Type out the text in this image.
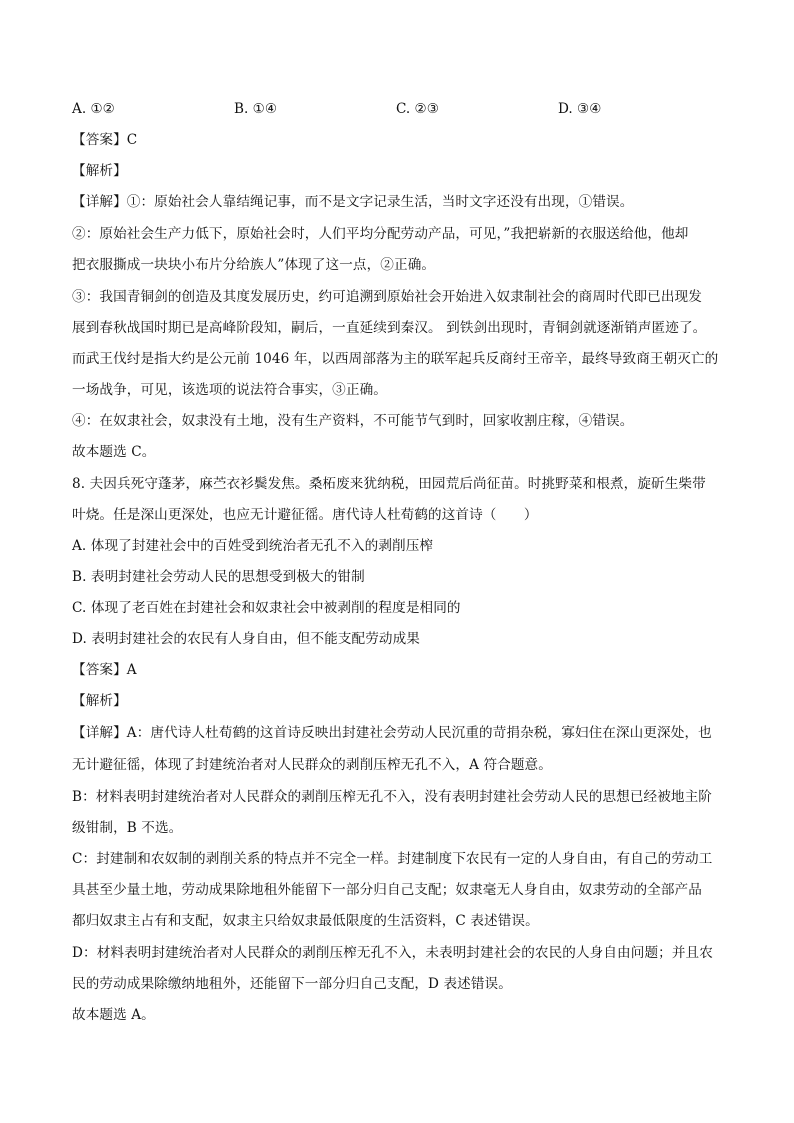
A. ①②	B. ①④	C. ②③	D. ③④
【答案】C
【解析】
【详解】①：原始社会人靠结绳记事，而不是文字记录生活，当时文字还没有出现，①错误。
②：原始社会生产力低下，原始社会时，人们平均分配劳动产品，可见，”我把崭新的衣服送给他，他却
把衣服撕成一块块小布片分给族人”体现了这一点，②正确。
③：我国青铜剑的创造及其度发展历史，约可追溯到原始社会开始进入奴隶制社会的商周时代即已出现发
展到春秋战国时期已是高峰阶段知，嗣后，一直延续到秦汉。 到铁剑出现时，青铜剑就逐渐销声匿迹了。
而武王伐纣是指大约是公元前 1046 年，以西周部落为主的联军起兵反商纣王帝辛，最终导致商王朝灭亡的
一场战争，可见，该选项的说法符合事实，③正确。
④：在奴隶社会，奴隶没有土地，没有生产资料，不可能节气到时，回家收割庄稼，④错误。
故本题选 C。
8. 夫因兵死守蓬茅，麻苎衣衫鬓发焦。桑柘废来犹纳税，田园荒后尚征苗。时挑野菜和根煮，旋斫生柴带
叶烧。任是深山更深处，也应无计避征徭。唐代诗人杜荀鹤的这首诗（　　）
A. 体现了封建社会中的百姓受到统治者无孔不入的剥削压榨
B. 表明封建社会劳动人民的思想受到极大的钳制
C. 体现了老百姓在封建社会和奴隶社会中被剥削的程度是相同的
D. 表明封建社会的农民有人身自由，但不能支配劳动成果
【答案】A
【解析】
【详解】A：唐代诗人杜荀鹤的这首诗反映出封建社会劳动人民沉重的苛捐杂税，寡妇住在深山更深处，也
无计避征徭，体现了封建统治者对人民群众的剥削压榨无孔不入，A 符合题意。
B：材料表明封建统治者对人民群众的剥削压榨无孔不入，没有表明封建社会劳动人民的思想已经被地主阶
级钳制，B 不选。
C：封建制和农奴制的剥削关系的特点并不完全一样。封建制度下农民有一定的人身自由，有自己的劳动工
具甚至少量土地，劳动成果除地租外能留下一部分归自己支配；奴隶毫无人身自由，奴隶劳动的全部产品
都归奴隶主占有和支配，奴隶主只给奴隶最低限度的生活资料，C 表述错误。
D：材料表明封建统治者对人民群众的剥削压榨无孔不入，未表明封建社会的农民的人身自由问题；并且农
民的劳动成果除缴纳地租外，还能留下一部分归自己支配，D 表述错误。
故本题选 A。
